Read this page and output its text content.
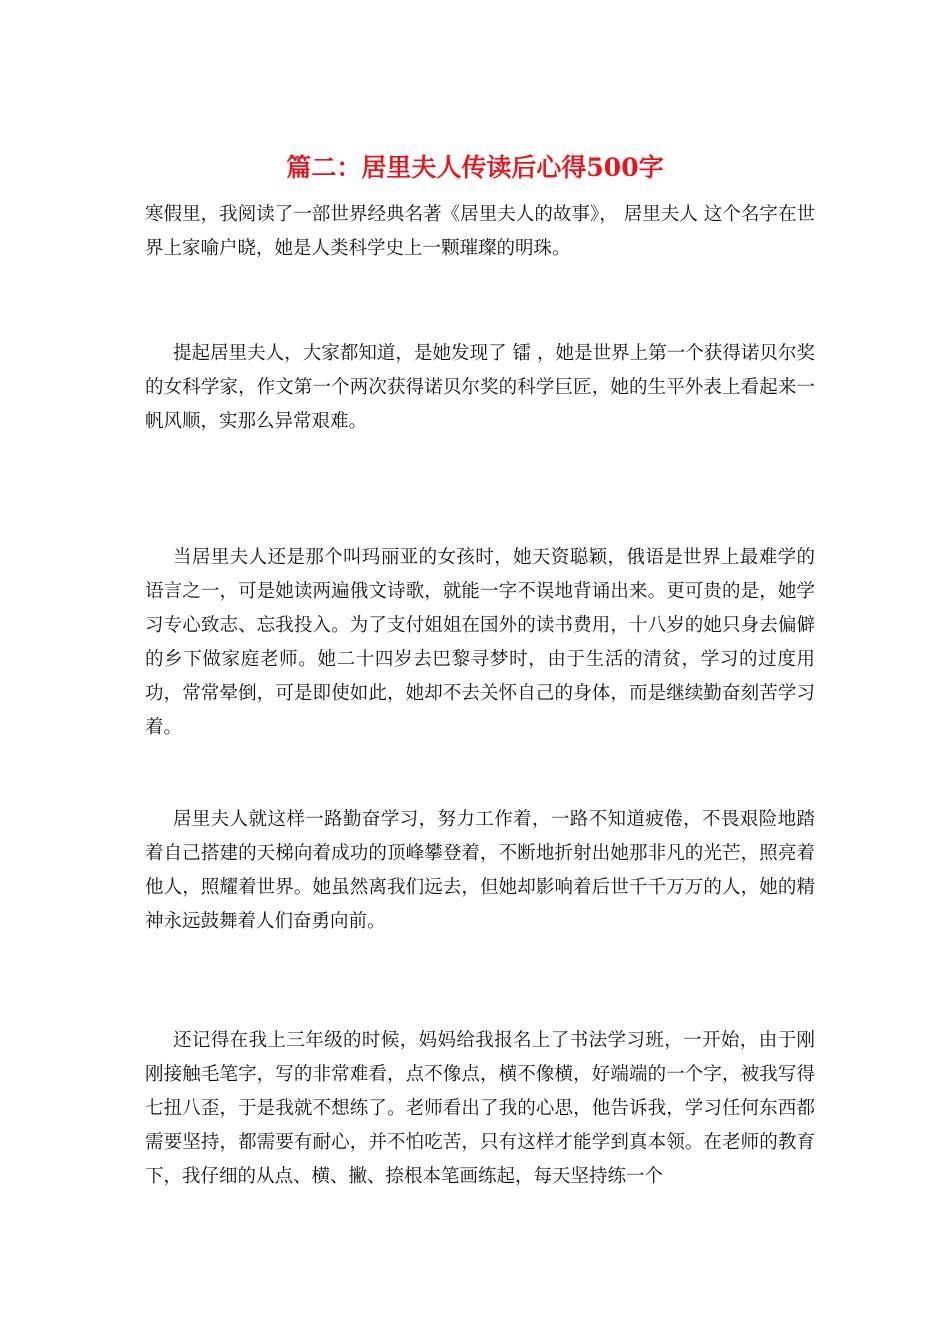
篇二：居里夫人传读后心得500字

寒假里，我阅读了一部世界经典名著《居里夫人的故事》， 居里夫人 这个名字在世界上家喻户晓，她是人类科学史上一颗璀璨的明珠。

提起居里夫人，大家都知道，是她发现了 镭 ，她是世界上第一个获得诺贝尔奖的女科学家，作文第一个两次获得诺贝尔奖的科学巨匠，她的生平外表上看起来一帆风顺，实那么异常艰难。

当居里夫人还是那个叫玛丽亚的女孩时，她天资聪颖，俄语是世界上最难学的语言之一，可是她读两遍俄文诗歌，就能一字不误地背诵出来。更可贵的是，她学习专心致志、忘我投入。为了支付姐姐在国外的读书费用，十八岁的她只身去偏僻的乡下做家庭老师。她二十四岁去巴黎寻梦时，由于生活的清贫，学习的过度用功，常常晕倒，可是即使如此，她却不去关怀自己的身体，而是继续勤奋刻苦学习着。

居里夫人就这样一路勤奋学习，努力工作着，一路不知道疲倦，不畏艰险地踏着自己搭建的天梯向着成功的顶峰攀登着，不断地折射出她那非凡的光芒，照亮着他人，照耀着世界。她虽然离我们远去，但她却影响着后世千千万万的人，她的精神永远鼓舞着人们奋勇向前。

还记得在我上三年级的时候，妈妈给我报名上了书法学习班，一开始，由于刚刚接触毛笔字，写的非常难看，点不像点，横不像横，好端端的一个字，被我写得七扭八歪，于是我就不想练了。老师看出了我的心思，他告诉我，学习任何东西都需要坚持，都需要有耐心，并不怕吃苦，只有这样才能学到真本领。在老师的教育下，我仔细的从点、横、撇、捺根本笔画练起，每天坚持练一个
